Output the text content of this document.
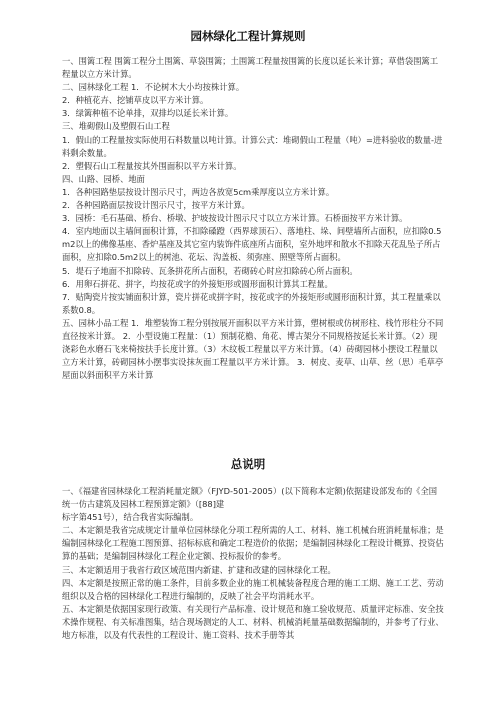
园林绿化工程计算规则

一、围篱工程 围篱工程分土围篱、草袋围篱；土围篱工程量按围篱的长度以延长米计算；草借袋围篱工程量以立方米计算。

二、园林绿化工程 1．不论树木大小均按株计算。

2．种植花卉、挖铺草皮以平方米计算。

3．绿篱种植不论单排，双排均以延长米计算。

三、堆砌假山及塑假石山工程

1．假山的工程量按实际使用石料数量以吨计算。计算公式：堆砌假山工程量（吨）=进料验收的数量-进料剩余数量。

2．塑假石山工程量按其外围面积以平方米计算。

四、山路、园桥、地面

1．各种园路垫层按设计图示尺寸，两边各放宽5cm乘厚度以立方米计算。

2．各种园路面层按设计图示尺寸，按平方米计算。

3．园桥：毛石基础、桥台、桥墩、护坡按设计图示尺寸以立方米计算。石桥面按平方米计算。

4．室内地面以主墙间面积计算，不扣除磉蹬（西界球顶石）、落地柱、垛、间壁墙所占面积，应扣除0.5m2以上的佛像基座、香炉基座及其它室内装饰件底座所占面积，室外地坪和散水不扣除天花乱坠子所占面积，应扣除0.5m2以上的树池、花坛、沟盖板、须弥座、照壁等所占面积。

5．堤石子地面不扣除砖、瓦条拼花所占面积，若砌砖心时应扣除砖心所占面积。

6．用卵石拼花、拼字，均按花或字的外接矩形或圆形面积计算其工程量。

7．贴陶瓷片按实铺面积计算，瓷片拼花或拼字时，按花或字的外接矩形或圆形面积计算，其工程量乘以系数0.8。

五、园林小品工程 1．堆塑装饰工程分别按展开面积以平方米计算，塑树根或仿树形柱、栈竹形柱分不同直径按米计算。 2．小型设施工程量：（1）预制花檐、角花、博古架分不同规格按延长米计算。（2）现浇彩色水磨石飞来椅按扶手长度计算。（3）木纹板工程量以平方米计算。（4）砖砌园林小摆设工程量以立方米计算，砖砌园林小摆事实设抹灰面工程量以平方米计算。 3．树皮、麦草、山草、丝（思）毛草亭屋面以斜面积平方米计算

总说明

一、《福建省园林绿化工程消耗量定额》（FJYD-501-2005）(以下简称本定额)依据建设部发布的《全国统一仿古建筑及园林工程预算定额》（[88]建

标字第451号），结合我省实际编制。

二、本定额是我省完成规定计量单位园林绿化分项工程所需的人工、材料、施工机械台班消耗量标准；是编制园林绿化工程施工图预算、招标标底和确定工程造价的依据；是编制园林绿化工程设计概算、投资估算的基础；是编制园林绿化工程企业定额、投标报价的参考。

三、本定额适用于我省行政区域范围内新建、扩建和改建的园林绿化工程。

四、本定额是按照正常的施工条件，目前多数企业的施工机械装备程度合理的施工工期、施工工艺、劳动组织以及合格的园林绿化工程进行编制的，反映了社会平均消耗水平。

五、本定额是依据国家现行政策、有关现行产品标准、设计规范和施工验收规范、质量评定标准、安全技术操作规程、有关标准图集，结合现场测定的人工、材料、机械消耗量基础数据编制的，并参考了行业、地方标准，以及有代表性的工程设计、施工资料、技术手册等其
